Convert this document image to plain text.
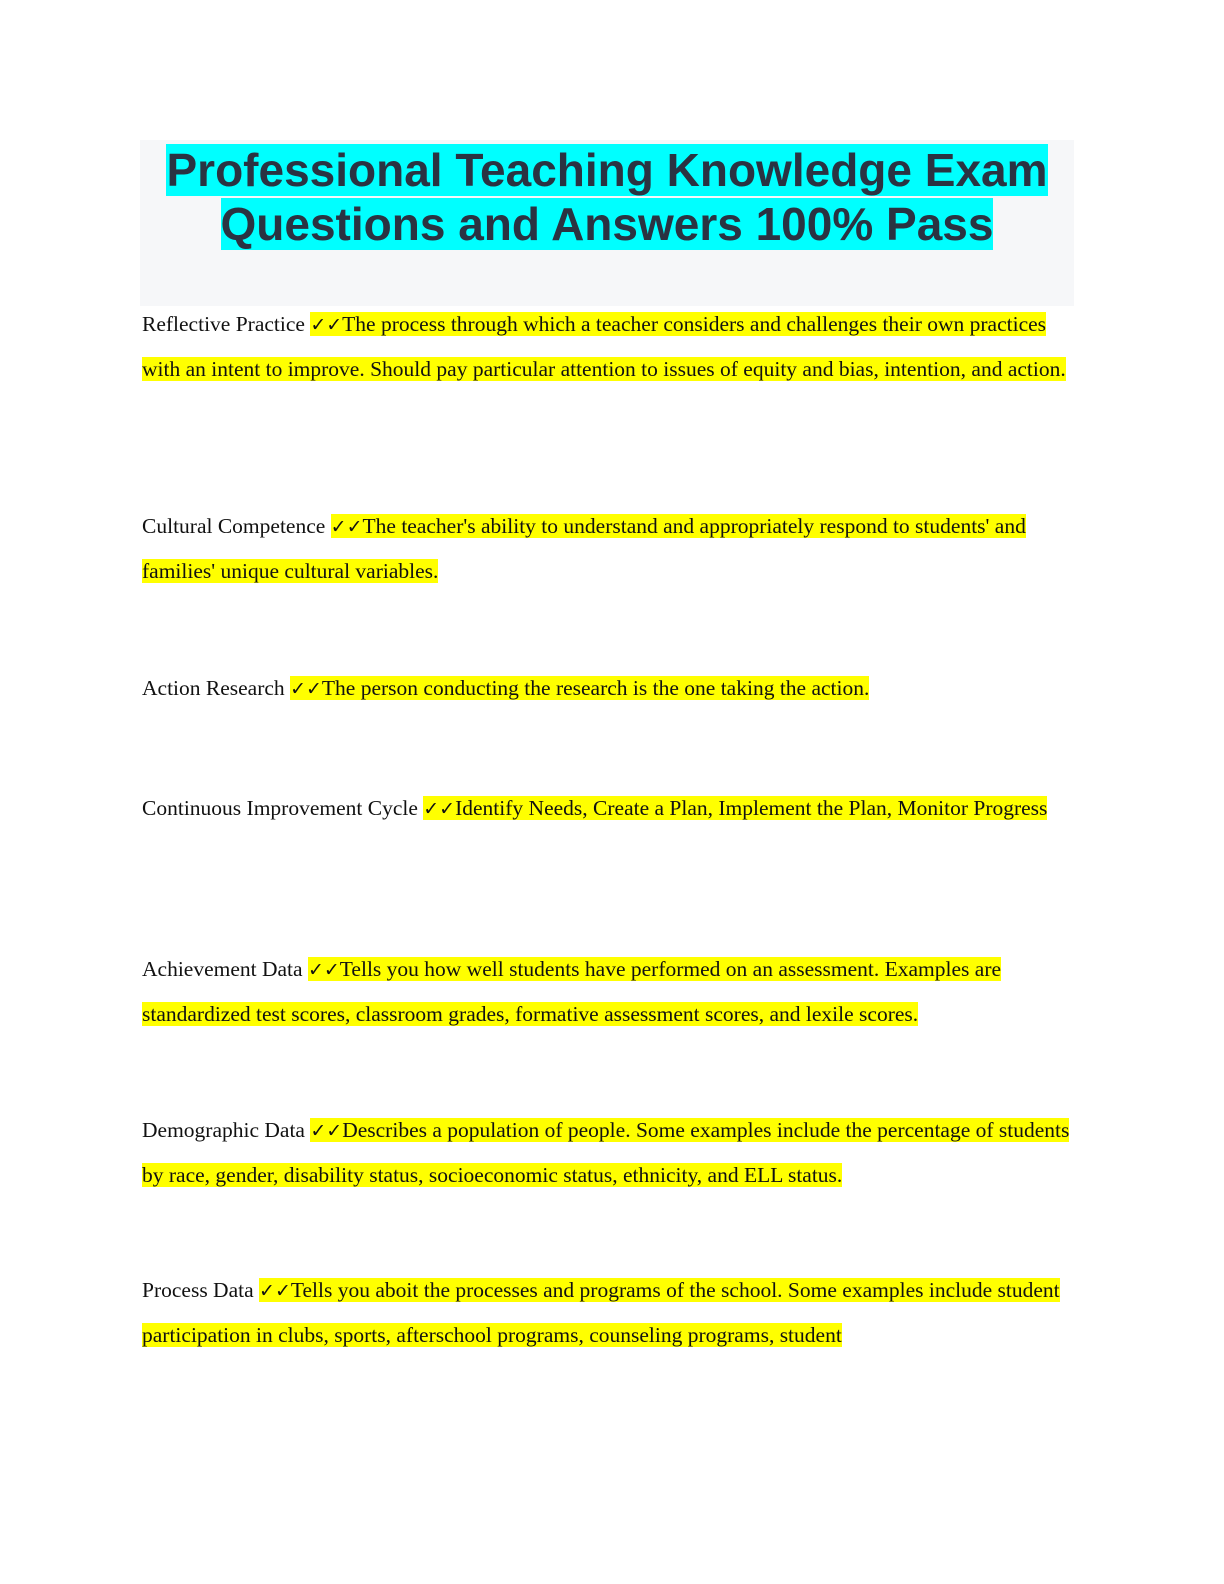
Professional Teaching Knowledge Exam
Questions and Answers 100% Pass

Reflective Practice ✓✓The process through which a teacher considers and challenges their own practices with an intent to improve. Should pay particular attention to issues of equity and bias, intention, and action.

Cultural Competence ✓✓The teacher's ability to understand and appropriately respond to students' and families' unique cultural variables.

Action Research ✓✓The person conducting the research is the one taking the action.

Continuous Improvement Cycle ✓✓Identify Needs, Create a Plan, Implement the Plan, Monitor Progress

Achievement Data ✓✓Tells you how well students have performed on an assessment. Examples are standardized test scores, classroom grades, formative assessment scores, and lexile scores.

Demographic Data ✓✓Describes a population of people. Some examples include the percentage of students by race, gender, disability status, socioeconomic status, ethnicity, and ELL status.

Process Data ✓✓Tells you aboit the processes and programs of the school. Some examples include student participation in clubs, sports, afterschool programs, counseling programs, student
